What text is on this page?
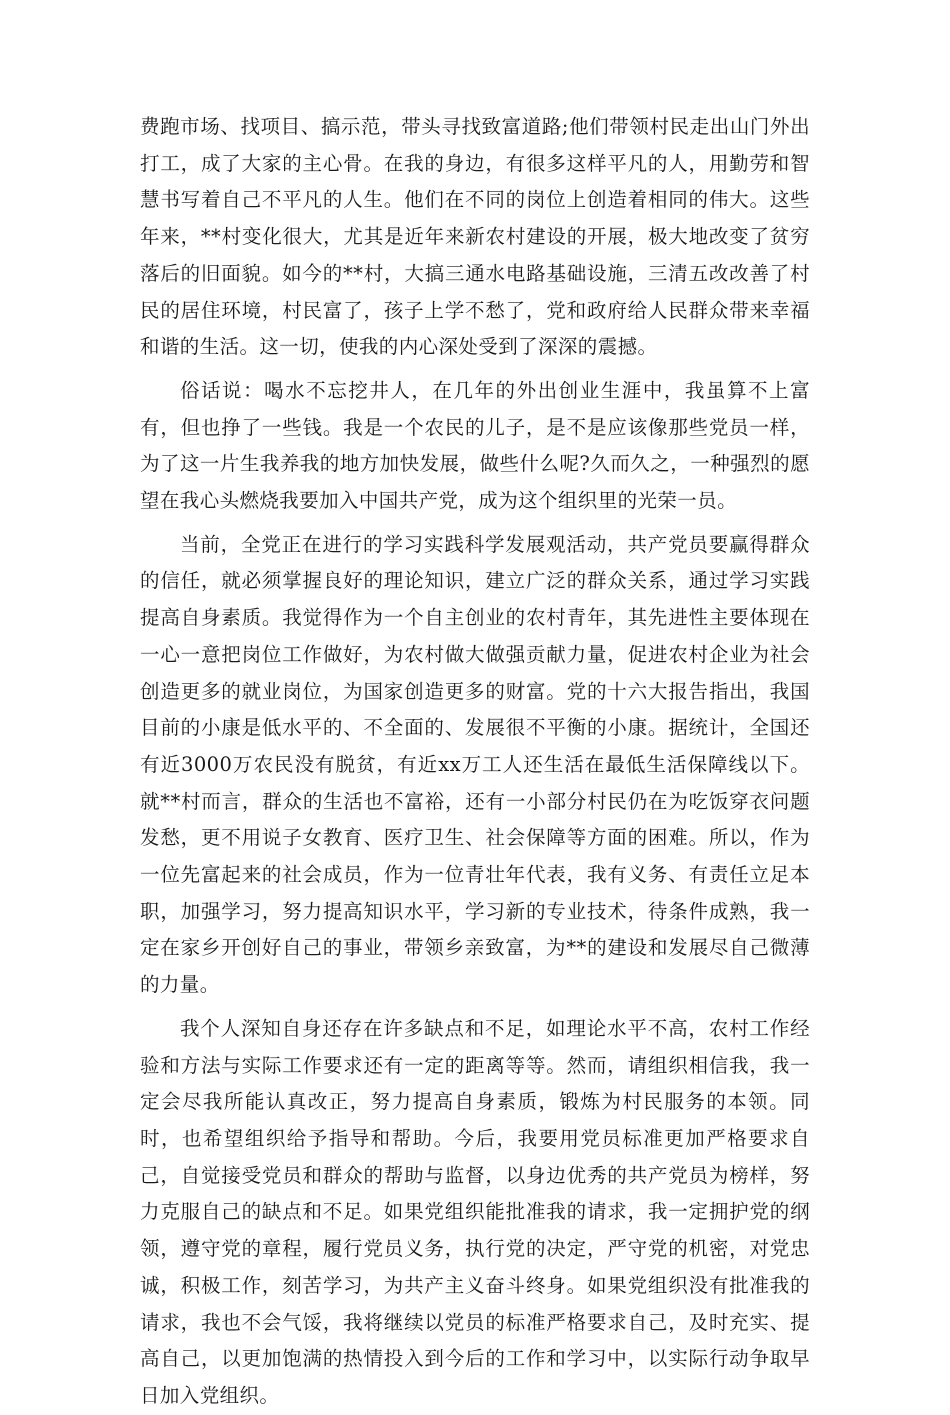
费跑市场、找项目、搞示范，带头寻找致富道路;他们带领村民走出山门外出打工，成了大家的主心骨。在我的身边，有很多这样平凡的人，用勤劳和智慧书写着自己不平凡的人生。他们在不同的岗位上创造着相同的伟大。这些年来，**村变化很大，尤其是近年来新农村建设的开展，极大地改变了贫穷落后的旧面貌。如今的**村，大搞三通水电路基础设施，三清五改改善了村民的居住环境，村民富了，孩子上学不愁了，党和政府给人民群众带来幸福和谐的生活。这一切，使我的内心深处受到了深深的震撼。

俗话说：喝水不忘挖井人，在几年的外出创业生涯中，我虽算不上富有，但也挣了一些钱。我是一个农民的儿子，是不是应该像那些党员一样，为了这一片生我养我的地方加快发展，做些什么呢?久而久之，一种强烈的愿望在我心头燃烧我要加入中国共产党，成为这个组织里的光荣一员。

当前，全党正在进行的学习实践科学发展观活动，共产党员要赢得群众的信任，就必须掌握良好的理论知识，建立广泛的群众关系，通过学习实践提高自身素质。我觉得作为一个自主创业的农村青年，其先进性主要体现在一心一意把岗位工作做好，为农村做大做强贡献力量，促进农村企业为社会创造更多的就业岗位，为国家创造更多的财富。党的十六大报告指出，我国目前的小康是低水平的、不全面的、发展很不平衡的小康。据统计，全国还有近3000万农民没有脱贫，有近xx万工人还生活在最低生活保障线以下。就**村而言，群众的生活也不富裕，还有一小部分村民仍在为吃饭穿衣问题发愁，更不用说子女教育、医疗卫生、社会保障等方面的困难。所以，作为一位先富起来的社会成员，作为一位青壮年代表，我有义务、有责任立足本职，加强学习，努力提高知识水平，学习新的专业技术，待条件成熟，我一定在家乡开创好自己的事业，带领乡亲致富，为**的建设和发展尽自己微薄的力量。

我个人深知自身还存在许多缺点和不足，如理论水平不高，农村工作经验和方法与实际工作要求还有一定的距离等等。然而，请组织相信我，我一定会尽我所能认真改正，努力提高自身素质，锻炼为村民服务的本领。同时，也希望组织给予指导和帮助。今后，我要用党员标准更加严格要求自己，自觉接受党员和群众的帮助与监督，以身边优秀的共产党员为榜样，努力克服自己的缺点和不足。如果党组织能批准我的请求，我一定拥护党的纲领，遵守党的章程，履行党员义务，执行党的决定，严守党的机密，对党忠诚，积极工作，刻苦学习，为共产主义奋斗终身。如果党组织没有批准我的请求，我也不会气馁，我将继续以党员的标准严格要求自己，及时充实、提高自己，以更加饱满的热情投入到今后的工作和学习中，以实际行动争取早日加入党组织。
